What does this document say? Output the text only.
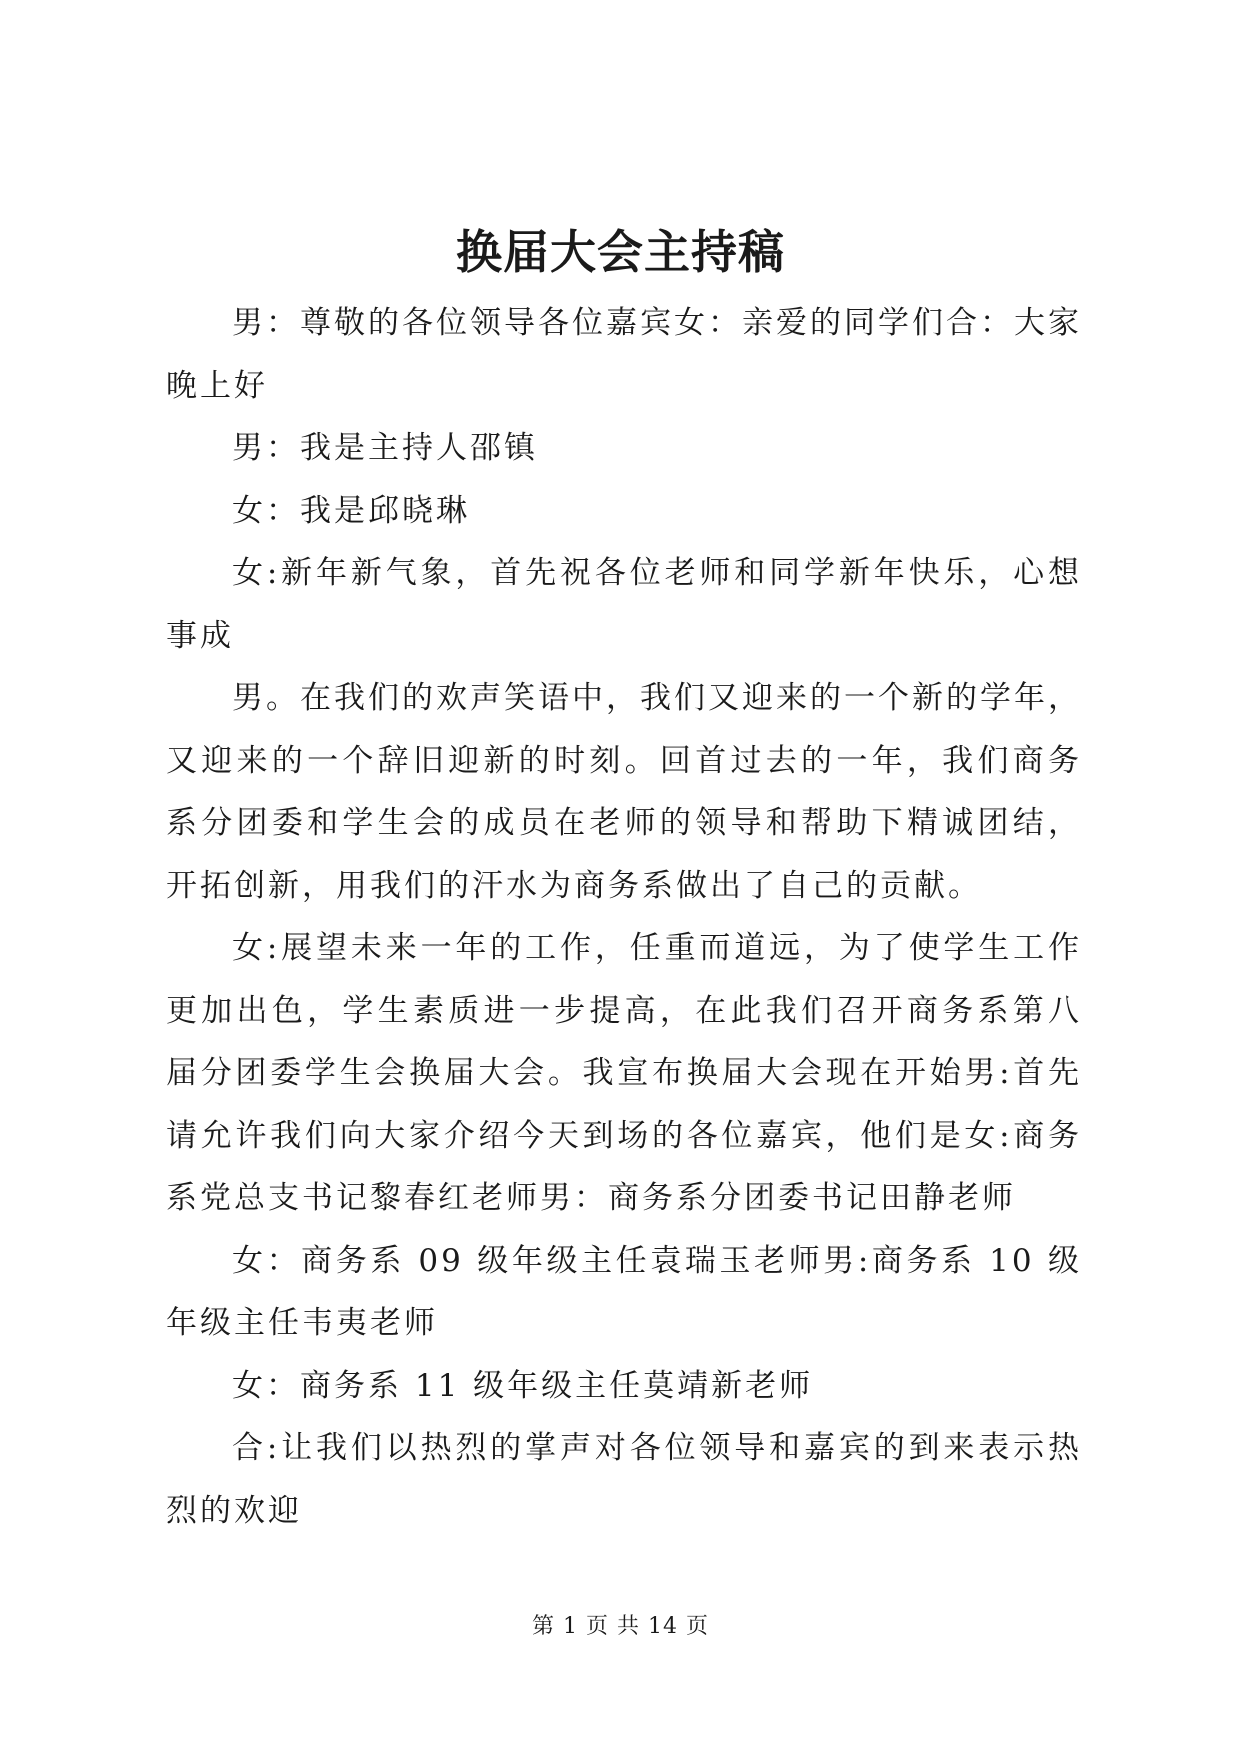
换届大会主持稿

男：尊敬的各位领导各位嘉宾女：亲爱的同学们合：大家晚上好

男：我是主持人邵镇

女：我是邱晓琳

女:新年新气象，首先祝各位老师和同学新年快乐，心想事成

男。在我们的欢声笑语中，我们又迎来的一个新的学年，又迎来的一个辞旧迎新的时刻。回首过去的一年，我们商务系分团委和学生会的成员在老师的领导和帮助下精诚团结，开拓创新，用我们的汗水为商务系做出了自己的贡献。

女:展望未来一年的工作，任重而道远，为了使学生工作更加出色，学生素质进一步提高，在此我们召开商务系第八届分团委学生会换届大会。我宣布换届大会现在开始男:首先请允许我们向大家介绍今天到场的各位嘉宾，他们是女:商务系党总支书记黎春红老师男：商务系分团委书记田静老师

女：商务系 09 级年级主任袁瑞玉老师男:商务系 10 级年级主任韦夷老师

女：商务系 11 级年级主任莫靖新老师

合:让我们以热烈的掌声对各位领导和嘉宾的到来表示热烈的欢迎

第 1 页 共 14 页
